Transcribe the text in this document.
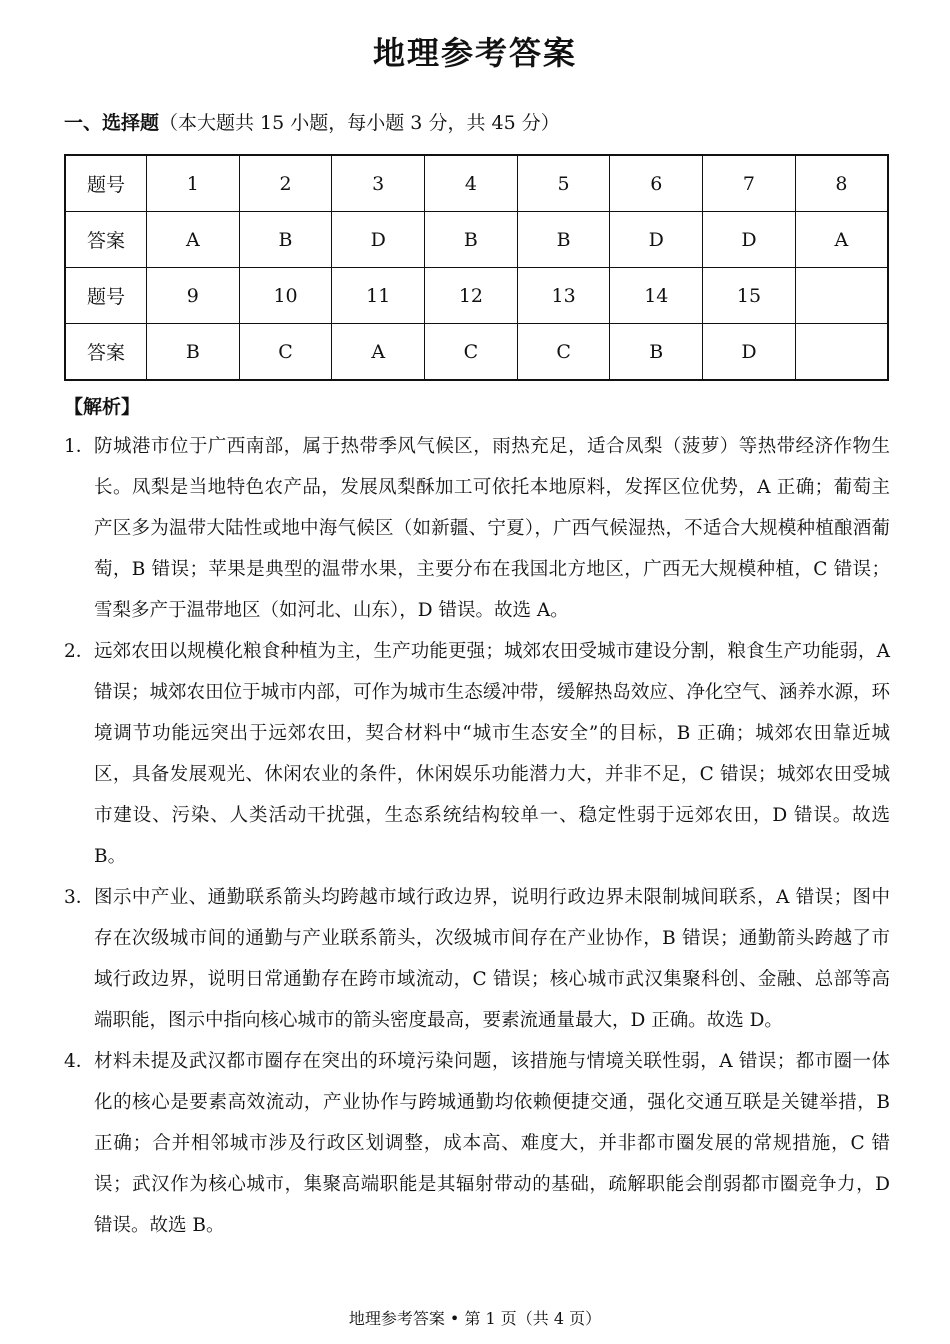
地理参考答案
一、选择题（本大题共 15 小题，每小题 3 分，共 45 分）
题号	1	2	3	4	5	6	7	8
答案	A	B	D	B	B	D	D	A
题号	9	10	11	12	13	14	15	
答案	B	C	A	C	C	B	D	
【解析】

1． 防城港市位于广西南部，属于热带季风气候区，雨热充足，适合凤梨（菠萝）等热带经济作物生长。凤梨是当地特色农产品，发展凤梨酥加工可依托本地原料，发挥区位优势，A 正确；葡萄主产区多为温带大陆性或地中海气候区（如新疆、宁夏），广西气候湿热，不适合大规模种植酿酒葡萄，B 错误；苹果是典型的温带水果，主要分布在我国北方地区，广西无大规模种植，C 错误；雪梨多产于温带地区（如河北、山东），D 错误。故选 A。

2． 远郊农田以规模化粮食种植为主，生产功能更强；城郊农田受城市建设分割，粮食生产功能弱，A 错误；城郊农田位于城市内部，可作为城市生态缓冲带，缓解热岛效应、净化空气、涵养水源，环境调节功能远突出于远郊农田，契合材料中“城市生态安全”的目标，B 正确；城郊农田靠近城区，具备发展观光、休闲农业的条件，休闲娱乐功能潜力大，并非不足，C 错误；城郊农田受城市建设、污染、人类活动干扰强，生态系统结构较单一、稳定性弱于远郊农田，D 错误。故选 B。

3． 图示中产业、通勤联系箭头均跨越市域行政边界，说明行政边界未限制城间联系，A 错误；图中存在次级城市间的通勤与产业联系箭头，次级城市间存在产业协作，B 错误；通勤箭头跨越了市域行政边界，说明日常通勤存在跨市域流动，C 错误；核心城市武汉集聚科创、金融、总部等高端职能，图示中指向核心城市的箭头密度最高，要素流通量最大，D 正确。故选 D。

4． 材料未提及武汉都市圈存在突出的环境污染问题，该措施与情境关联性弱，A 错误；都市圈一体化的核心是要素高效流动，产业协作与跨城通勤均依赖便捷交通，强化交通互联是关键举措，B 正确；合并相邻城市涉及行政区划调整，成本高、难度大，并非都市圈发展的常规措施，C 错误；武汉作为核心城市，集聚高端职能是其辐射带动的基础，疏解职能会削弱都市圈竞争力，D 错误。故选 B。

地理参考答案 • 第 1 页（共 4 页）
